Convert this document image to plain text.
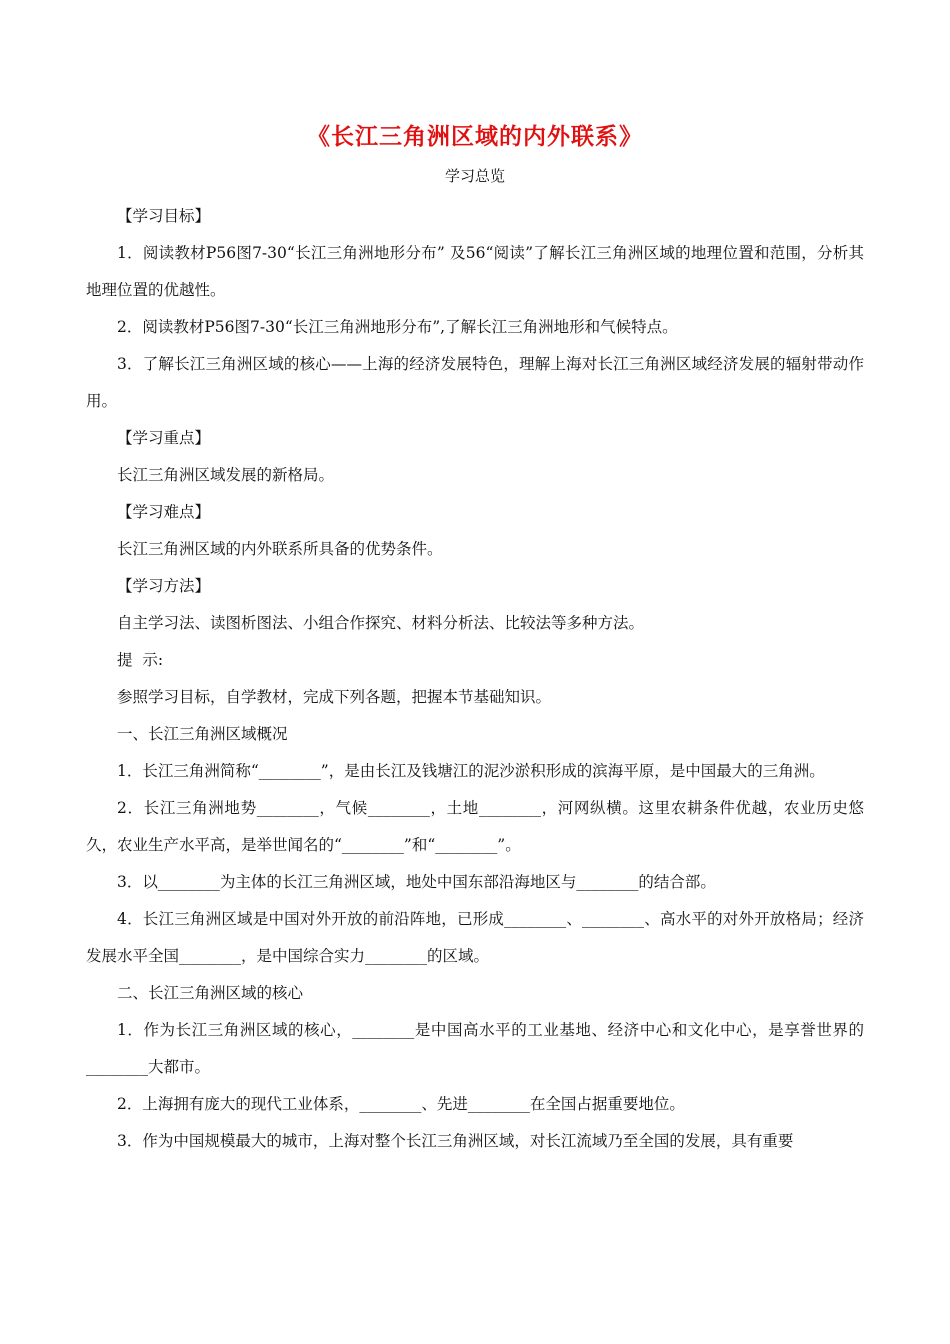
《长江三角洲区域的内外联系》
学习总览

【学习目标】

1．阅读教材P56图7-30“长江三角洲地形分布” 及56“阅读”了解长江三角洲区域的地理位置和范围，分析其地理位置的优越性。

2．阅读教材P56图7-30“长江三角洲地形分布”,了解长江三角洲地形和气候特点。

3．了解长江三角洲区域的核心——上海的经济发展特色，理解上海对长江三角洲区域经济发展的辐射带动作用。

【学习重点】

长江三角洲区域发展的新格局。

【学习难点】

长江三角洲区域的内外联系所具备的优势条件。

【学习方法】

自主学习法、读图析图法、小组合作探究、材料分析法、比较法等多种方法。

提  示:

参照学习目标，自学教材，完成下列各题，把握本节基础知识。

一、长江三角洲区域概况

1．长江三角洲简称“________”，是由长江及钱塘江的泥沙淤积形成的滨海平原，是中国最大的三角洲。

2．长江三角洲地势________，气候________，土地________，河网纵横。这里农耕条件优越，农业历史悠久，农业生产水平高，是举世闻名的“________”和“________”。

3．以________为主体的长江三角洲区域，地处中国东部沿海地区与________的结合部。

4．长江三角洲区域是中国对外开放的前沿阵地，已形成________、________、高水平的对外开放格局；经济发展水平全国________，是中国综合实力________的区域。

二、长江三角洲区域的核心

1．作为长江三角洲区域的核心，________是中国高水平的工业基地、经济中心和文化中心，是享誉世界的________大都市。

2．上海拥有庞大的现代工业体系，________、先进________在全国占据重要地位。

3．作为中国规模最大的城市，上海对整个长江三角洲区域，对长江流域乃至全国的发展，具有重要
